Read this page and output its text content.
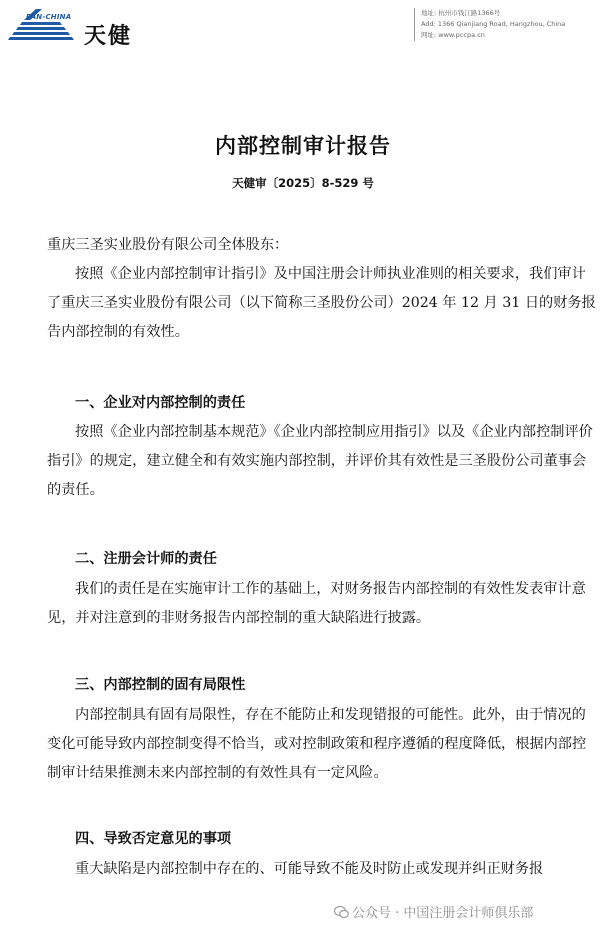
PAN-CHINA
天健
地址: 杭州市钱江路1366号
Add: 1366 Qianjiang Road, Hangzhou, China
网址: www.pccpa.cn
内部控制审计报告
天健审〔2025〕8-529 号

重庆三圣实业股份有限公司全体股东：

按照《企业内部控制审计指引》及中国注册会计师执业准则的相关要求，我们审计了重庆三圣实业股份有限公司（以下简称三圣股份公司）2024 年 12 月 31 日的财务报告内部控制的有效性。

一、企业对内部控制的责任

按照《企业内部控制基本规范》《企业内部控制应用指引》以及《企业内部控制评价指引》的规定，建立健全和有效实施内部控制，并评价其有效性是三圣股份公司董事会的责任。

二、注册会计师的责任

我们的责任是在实施审计工作的基础上，对财务报告内部控制的有效性发表审计意见，并对注意到的非财务报告内部控制的重大缺陷进行披露。

三、内部控制的固有局限性

内部控制具有固有局限性，存在不能防止和发现错报的可能性。此外，由于情况的变化可能导致内部控制变得不恰当，或对控制政策和程序遵循的程度降低，根据内部控制审计结果推测未来内部控制的有效性具有一定风险。

四、导致否定意见的事项

重大缺陷是内部控制中存在的、可能导致不能及时防止或发现并纠正财务报

公众号 · 中国注册会计师俱乐部
